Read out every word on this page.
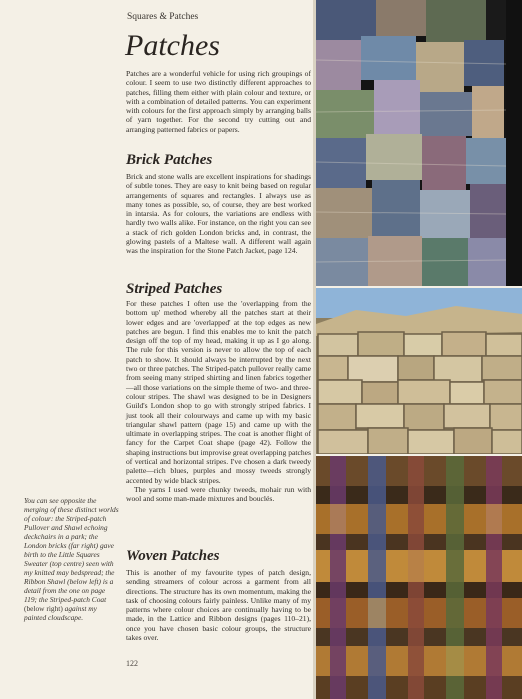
Squares & Patches
Patches

Patches are a wonderful vehicle for using rich groupings of colour. I seem to use two distinctly different approaches to patches, filling them either with plain colour and texture, or with a combination of detailed patterns. You can experiment with colours for the first approach simply by arranging balls of yarn together. For the second try cutting out and arranging patterned fabrics or papers.

Brick Patches

Brick and stone walls are excellent inspirations for shadings of subtle tones. They are easy to knit being based on regular arrangements of squares and rectangles. I always use as many tones as possible, so, of course, they are best worked in intarsia. As for colours, the variations are endless with hardly two walls alike. For instance, on the right you can see a stack of rich golden London bricks and, in contrast, the glowing pastels of a Maltese wall. A different wall again was the inspiration for the Stone Patch Jacket, page 124.

Striped Patches

For these patches I often use the 'overlapping from the bottom up' method whereby all the patches start at their lower edges and are 'overlapped' at the top edges as new patches are begun. I find this enables me to knit the patch design off the top of my head, making it up as I go along. The rule for this version is never to allow the top of each patch to show. It should always be interrupted by the next two or three patches. The Striped-patch pullover really came from seeing many striped shirting and linen fabrics together—all those variations on the simple theme of two- and three-colour stripes. The shawl was designed to be in Designers Guild's London shop to go with strongly striped fabrics. I just took all their colourways and came up with my basic triangular shawl pattern (page 15) and came up with the ultimate in overlapping stripes. The coat is another flight of fancy for the Carpet Coat shape (page 42). Follow the shaping instructions but improvise great overlapping patches of vertical and horizontal stripes. I've chosen a dark tweedy palette—rich blues, purples and mossy tweeds strongly accented by wide black stripes.

The yarns I used were chunky tweeds, mohair run with wool and some man-made mixtures and bouclés.

Woven Patches

This is another of my favourite types of patch design, sending streamers of colour across a garment from all directions. The structure has its own momentum, making the task of choosing colours fairly painless. Unlike many of my patterns where colour choices are continually having to be made, in the Lattice and Ribbon designs (pages 110–21), once you have chosen basic colour groups, the structure takes over.

You can see opposite the merging of these distinct worlds of colour: the Striped-patch Pullover and Shawl echoing deckchairs in a park; the London bricks (far right) gave birth to the Little Squares Sweater (top centre) seen with my knitted may bedspread; the Ribbon Shawl (below left) is a detail from the one on page 119; the Striped-patch Coat (below right) against my painted cloudscape.
122
